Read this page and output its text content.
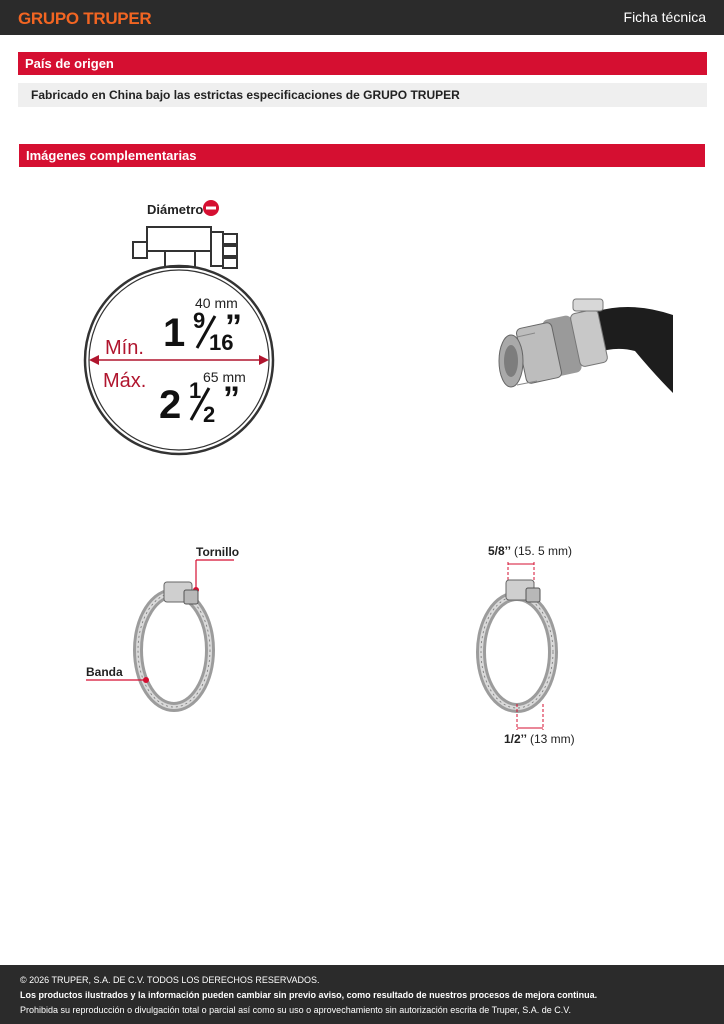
GRUPO TRUPER	Ficha técnica
País de origen
Fabricado en China bajo las estrictas especificaciones de GRUPO TRUPER
Imágenes complementarias
Diámetro
40 mm
Mín. 1 9
16
”
65 mm
Máx.
2 1
2 ”
Tornillo
Banda
5/8’’ (15. 5 mm)
1/2’’ (13 mm)
© 2026 TRUPER, S.A. DE C.V. TODOS LOS DERECHOS RESERVADOS.
Los productos ilustrados y la información pueden cambiar sin previo aviso, como resultado de nuestros procesos de mejora continua.
Prohibida su reproducción o divulgación total o parcial así como su uso o aprovechamiento sin autorización escrita de Truper, S.A. de C.V.
